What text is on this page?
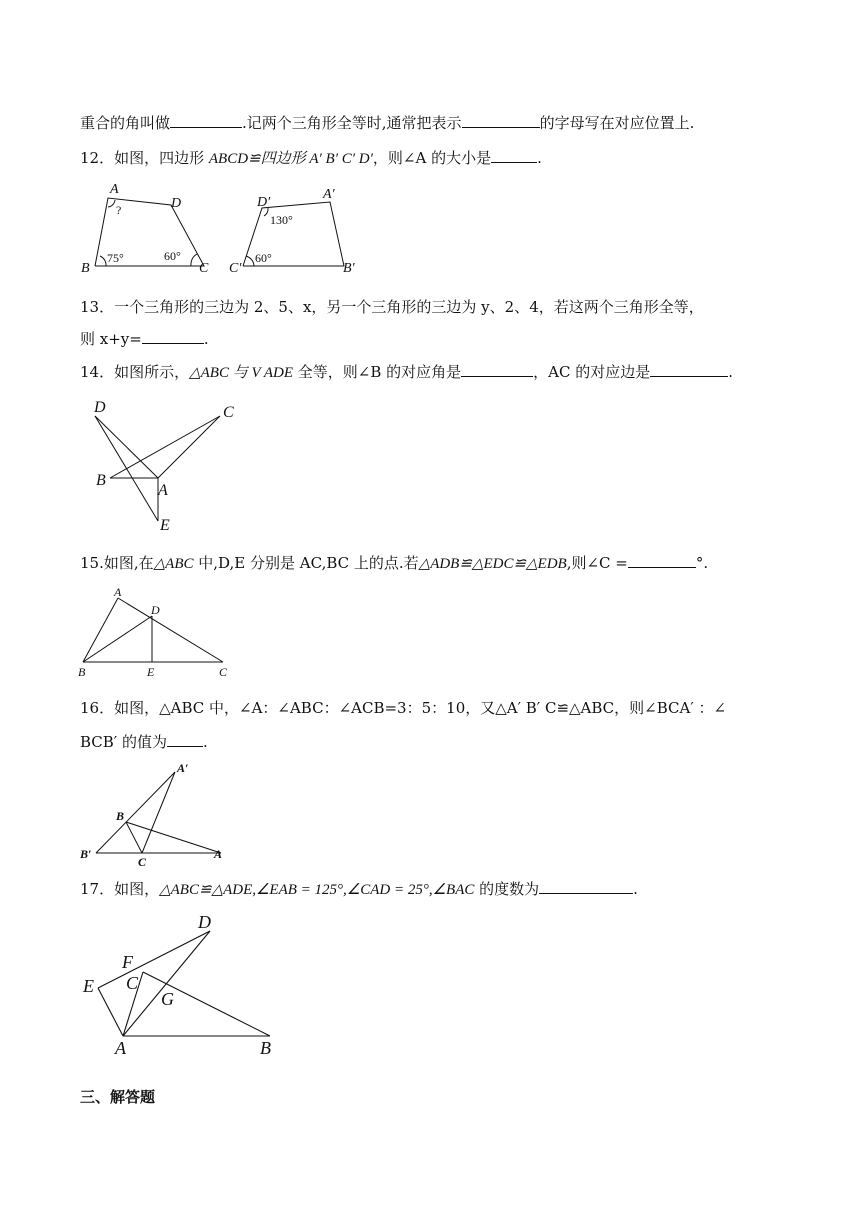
重合的角叫做	.记两个三角形全等时,通常把表示	的字母写在对应位置上.
12．如图，四边形 ABCD≌四边形 A′ B′ C′ D′，则∠A 的大小是	.
A
?	D
B
75°	60°
C
A′
D′
130°
C′
60°
B′
13．一个三角形的三边为 2、5、x，另一个三角形的三边为 y、2、4，若这两个三角形全等，
则 x+y=	.
14．如图所示，△ABC 与 V ADE 全等，则∠B 的对应角是	，AC 的对应边是	.
D	C
B
A
E
15.如图,在△ABC 中,D,E 分别是 AC,BC 上的点.若△ADB≌△EDC≌△EDB,则∠C =	°.
A
D
B	E	C
16．如图，△ABC 中，∠A：∠ABC：∠ACB=3：5：10，又△A′ B′ C≌△ABC，则∠BCA′ ：∠
BCB′ 的值为 .
A′
B
B′
C
A
17．如图，△ABC≌△ADE,∠EAB = 125°,∠CAD = 25°,∠BAC 的度数为	.
D
F
C
E
G
A	B
三、解答题
